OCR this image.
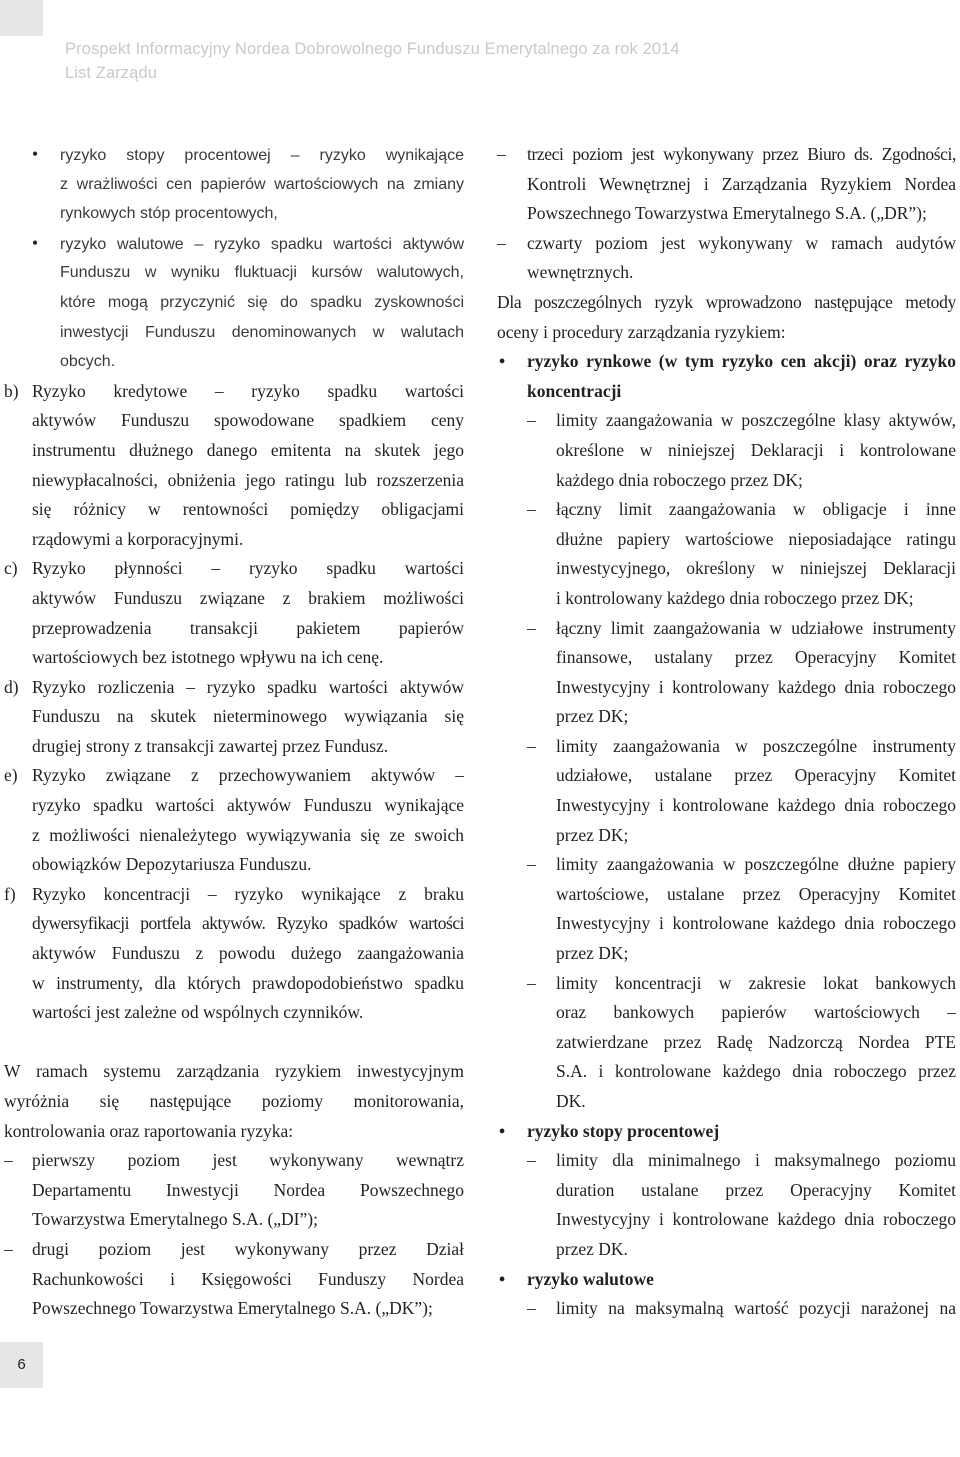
Prospekt Informacyjny Nordea Dobrowolnego Funduszu Emerytalnego za rok 2014
List Zarządu
• ryzyko stopy procentowej – ryzyko wynikające
z wrażliwości cen papierów wartościowych na zmiany
rynkowych stóp procentowych,
• ryzyko walutowe – ryzyko spadku wartości aktywów
Funduszu w wyniku fluktuacji kursów walutowych,
które mogą przyczynić się do spadku zyskowności
inwestycji Funduszu denominowanych w walutach
obcych.
b) Ryzyko kredytowe – ryzyko spadku wartości
aktywów Funduszu spowodowane spadkiem ceny
instrumentu dłużnego danego emitenta na skutek jego
niewypłacalności, obniżenia jego ratingu lub rozszerzenia
się różnicy w rentowności pomiędzy obligacjami
rządowymi a korporacyjnymi.
c) Ryzyko płynności – ryzyko spadku wartości
aktywów Funduszu związane z brakiem możliwości
przeprowadzenia transakcji pakietem papierów
wartościowych bez istotnego wpływu na ich cenę.
d) Ryzyko rozliczenia – ryzyko spadku wartości aktywów
Funduszu na skutek nieterminowego wywiązania się
drugiej strony z transakcji zawartej przez Fundusz.
e) Ryzyko związane z przechowywaniem aktywów –
ryzyko spadku wartości aktywów Funduszu wynikające
z możliwości nienależytego wywiązywania się ze swoich
obowiązków Depozytariusza Funduszu.
f) Ryzyko koncentracji – ryzyko wynikające z braku
dywersyfikacji portfela aktywów. Ryzyko spadków wartości
aktywów Funduszu z powodu dużego zaangażowania
w instrumenty, dla których prawdopodobieństwo spadku
wartości jest zależne od wspólnych czynników.
W ramach systemu zarządzania ryzykiem inwestycyjnym
wyróżnia się następujące poziomy monitorowania,
kontrolowania oraz raportowania ryzyka:
– pierwszy poziom jest wykonywany wewnątrz
Departamentu Inwestycji Nordea Powszechnego
Towarzystwa Emerytalnego S.A. („DI”);
– drugi poziom jest wykonywany przez Dział
Rachunkowości i Księgowości Funduszy Nordea
Powszechnego Towarzystwa Emerytalnego S.A. („DK”);
– trzeci poziom jest wykonywany przez Biuro ds. Zgodności,
Kontroli Wewnętrznej i Zarządzania Ryzykiem Nordea
Powszechnego Towarzystwa Emerytalnego S.A. („DR”);
– czwarty poziom jest wykonywany w ramach audytów
wewnętrznych.
Dla poszczególnych ryzyk wprowadzono następujące metody
oceny i procedury zarządzania ryzykiem:
• ryzyko rynkowe (w tym ryzyko cen akcji) oraz ryzyko
koncentracji
– limity zaangażowania w poszczególne klasy aktywów,
określone w niniejszej Deklaracji i kontrolowane
każdego dnia roboczego przez DK;
– łączny limit zaangażowania w obligacje i inne
dłużne papiery wartościowe nieposiadające ratingu
inwestycyjnego, określony w niniejszej Deklaracji
i kontrolowany każdego dnia roboczego przez DK;
– łączny limit zaangażowania w udziałowe instrumenty
finansowe, ustalany przez Operacyjny Komitet
Inwestycyjny i kontrolowany każdego dnia roboczego
przez DK;
– limity zaangażowania w poszczególne instrumenty
udziałowe, ustalane przez Operacyjny Komitet
Inwestycyjny i kontrolowane każdego dnia roboczego
przez DK;
– limity zaangażowania w poszczególne dłużne papiery
wartościowe, ustalane przez Operacyjny Komitet
Inwestycyjny i kontrolowane każdego dnia roboczego
przez DK;
– limity koncentracji w zakresie lokat bankowych
oraz bankowych papierów wartościowych –
zatwierdzane przez Radę Nadzorczą Nordea PTE
S.A. i kontrolowane każdego dnia roboczego przez
DK.
• ryzyko stopy procentowej
– limity dla minimalnego i maksymalnego poziomu
duration ustalane przez Operacyjny Komitet
Inwestycyjny i kontrolowane każdego dnia roboczego
przez DK.
• ryzyko walutowe
– limity na maksymalną wartość pozycji narażonej na
6
